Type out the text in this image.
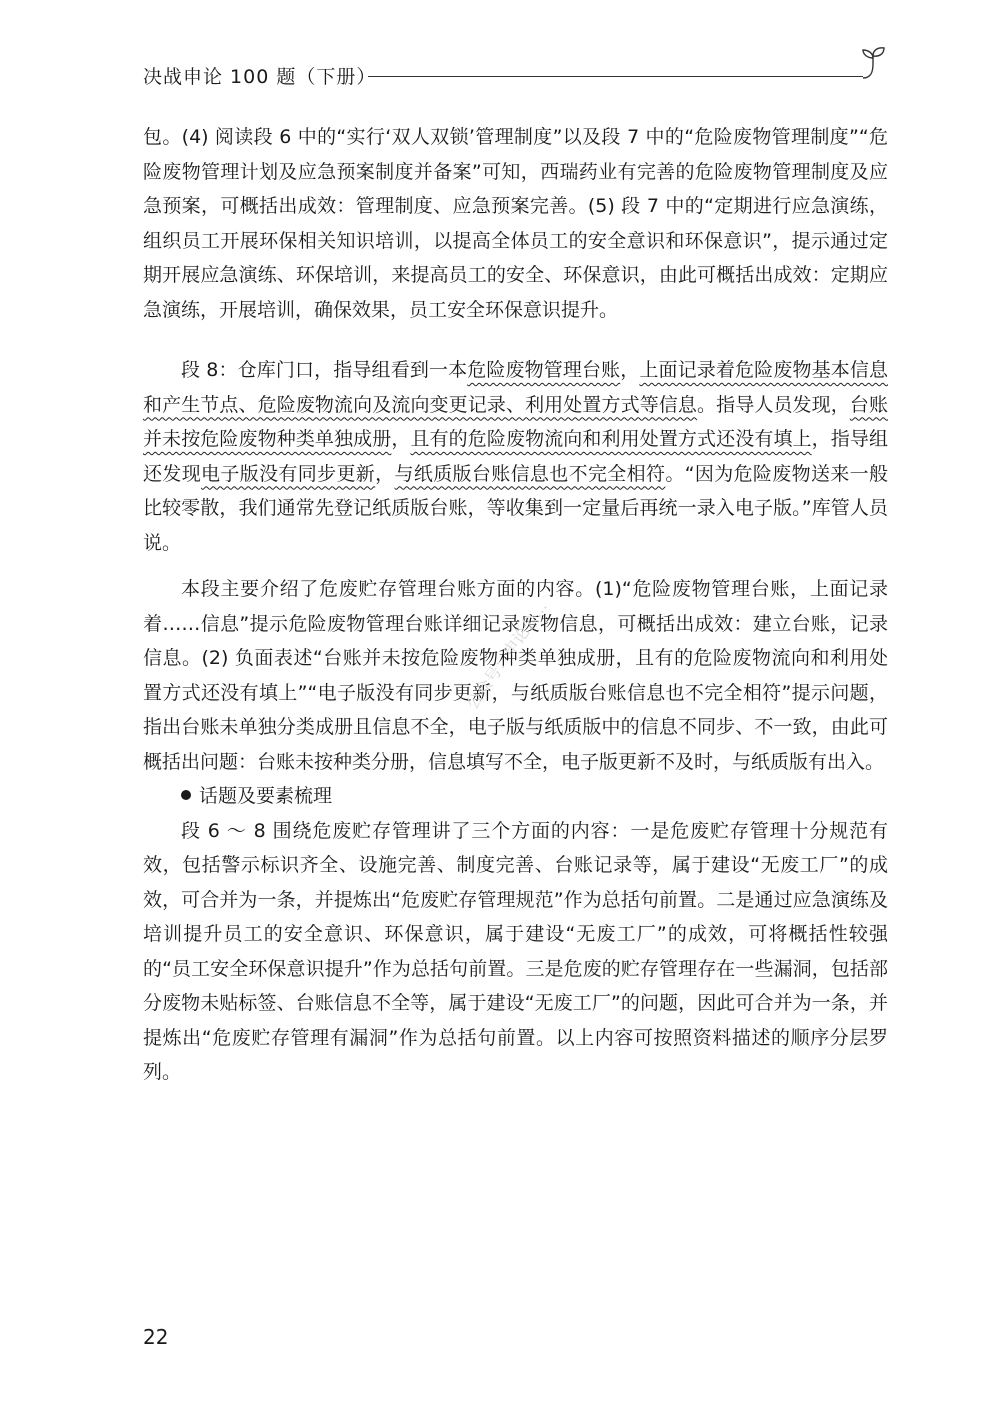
决战申论 100 题（下册）

包。(4) 阅读段 6 中的“实行‘双人双锁’管理制度”以及段 7 中的“危险废物管理制度”“危险废物管理计划及应急预案制度并备案”可知，西瑞药业有完善的危险废物管理制度及应急预案，可概括出成效：管理制度、应急预案完善。(5) 段 7 中的“定期进行应急演练，组织员工开展环保相关知识培训，以提高全体员工的安全意识和环保意识”，提示通过定期开展应急演练、环保培训，来提高员工的安全、环保意识，由此可概括出成效：定期应急演练，开展培训，确保效果，员工安全环保意识提升。

段 8：仓库门口，指导组看到一本危险废物管理台账，上面记录着危险废物基本信息和产生节点、危险废物流向及流向变更记录、利用处置方式等信息。指导人员发现，台账并未按危险废物种类单独成册，且有的危险废物流向和利用处置方式还没有填上，指导组还发现电子版没有同步更新，与纸质版台账信息也不完全相符。“因为危险废物送来一般比较零散，我们通常先登记纸质版台账，等收集到一定量后再统一录入电子版。”库管人员说。

本段主要介绍了危废贮存管理台账方面的内容。(1)“危险废物管理台账，上面记录着……信息”提示危险废物管理台账详细记录废物信息，可概括出成效：建立台账，记录信息。(2) 负面表述“台账并未按危险废物种类单独成册，且有的危险废物流向和利用处置方式还没有填上”“电子版没有同步更新，与纸质版台账信息也不完全相符”提示问题，指出台账未单独分类成册且信息不全，电子版与纸质版中的信息不同步、不一致，由此可概括出问题：台账未按种类分册，信息填写不全，电子版更新不及时，与纸质版有出入。

话题及要素梳理

段 6 ～ 8 围绕危废贮存管理讲了三个方面的内容：一是危废贮存管理十分规范有效，包括警示标识齐全、设施完善、制度完善、台账记录等，属于建设“无废工厂”的成效，可合并为一条，并提炼出“危废贮存管理规范”作为总括句前置。二是通过应急演练及培训提升员工的安全意识、环保意识，属于建设“无废工厂”的成效，可将概括性较强的“员工安全环保意识提升”作为总括句前置。三是危废的贮存管理存在一些漏洞，包括部分废物未贴标签、台账信息不全等，属于建设“无废工厂”的问题，因此可合并为一条，并提炼出“危废贮存管理有漏洞”作为总括句前置。以上内容可按照资料描述的顺序分层罗列。

公众号：申论公...
22
